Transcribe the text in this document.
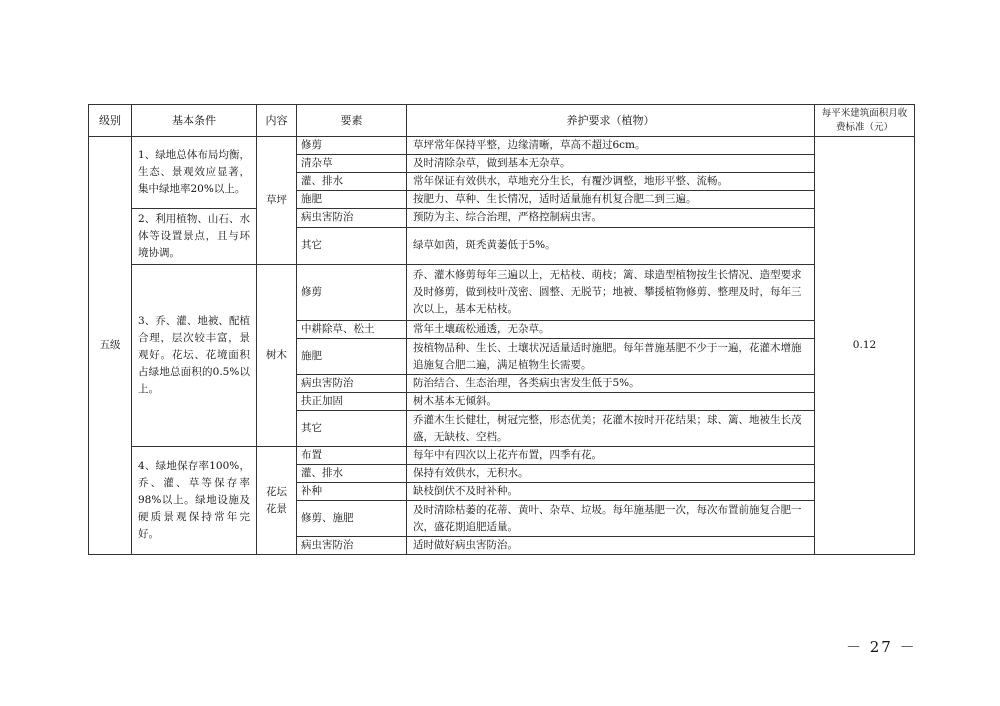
级别	基本条件	内容	要素	养护要求（植物）	每平米建筑面积月收费标准（元）
五级	1、绿地总体布局均衡，生态、景观效应显著，集中绿地率20%以上。	草坪	修剪	草坪常年保持平整，边缘清晰，草高不超过6cm。	0.12
			清杂草	及时清除杂草，做到基本无杂草。	
			灌、排水	常年保证有效供水，草地充分生长，有覆沙调整，地形平整、流畅。	
			施肥	按肥力、草种、生长情况，适时适量施有机复合肥二到三遍。	
	2、利用植物、山石、水体等设置景点，且与环境协调。		病虫害防治	预防为主、综合治理，严格控制病虫害。	
			其它	绿草如茵，斑秃黄萎低于5%。	
	3、乔、灌、地被、配植合理，层次较丰富，景观好。花坛、花境面积占绿地总面积的0.5%以上。	树木	修剪	乔、灌木修剪每年三遍以上，无枯枝、萌枝；篱、球造型植物按生长情况、造型要求及时修剪，做到枝叶茂密、圆整、无脱节；地被、攀援植物修剪、整理及时，每年三次以上，基本无枯枝。	
			中耕除草、松土	常年土壤疏松通透，无杂草。	
			施肥	按植物品种、生长、土壤状况适量适时施肥。每年普施基肥不少于一遍，花灌木增施追施复合肥二遍，满足植物生长需要。	
			病虫害防治	防治结合、生态治理，各类病虫害发生低于5%。	
			扶正加固	树木基本无倾斜。	
			其它	乔灌木生长健壮，树冠完整，形态优美；花灌木按时开花结果；球、篱、地被生长茂盛，无缺枝、空档。	
	4、绿地保存率100%，乔、灌、草等保存率98%以上。绿地设施及硬质景观保持常年完好。	花坛花景	布置	每年中有四次以上花卉布置，四季有花。	
			灌、排水	保持有效供水，无积水。	
			补种	缺枝倒伏不及时补种。	
			修剪、施肥	及时清除枯萎的花蒂、黄叶、杂草、垃圾。每年施基肥一次，每次布置前施复合肥一次，盛花期追肥适量。	
			病虫害防治	适时做好病虫害防治。	
－ 27 －
